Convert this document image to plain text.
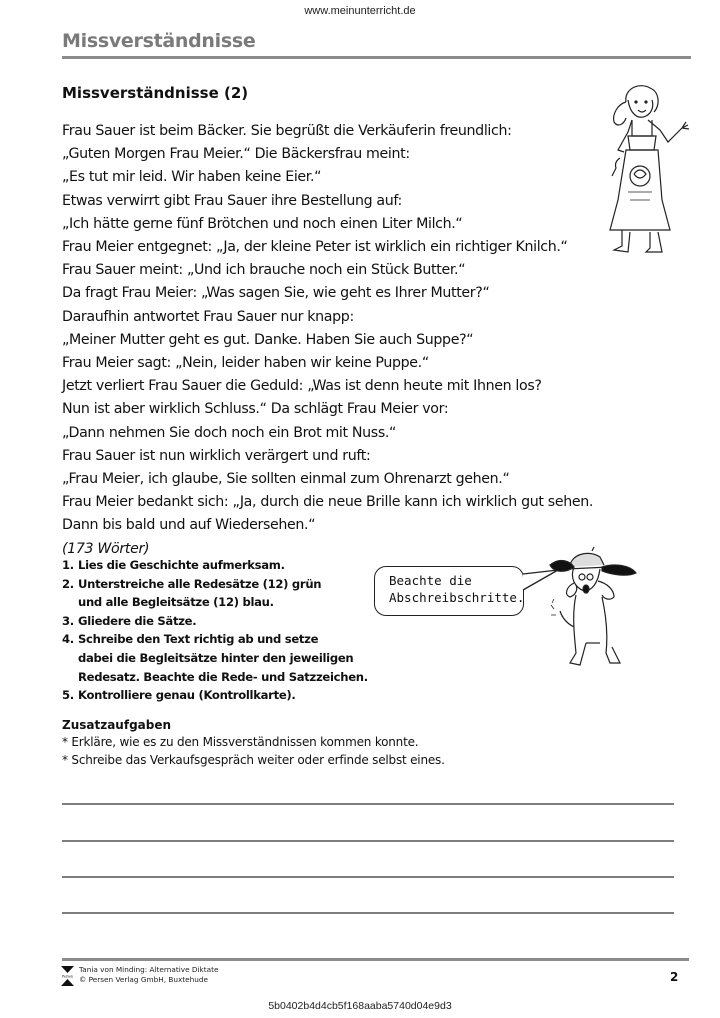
www.meinunterricht.de
Missverständnisse
Missverständnisse (2)
Frau Sauer ist beim Bäcker. Sie begrüßt die Verkäuferin freundlich:
„Guten Morgen Frau Meier.“ Die Bäckersfrau meint:
„Es tut mir leid. Wir haben keine Eier.“
Etwas verwirrt gibt Frau Sauer ihre Bestellung auf:
„Ich hätte gerne fünf Brötchen und noch einen Liter Milch.“
Frau Meier entgegnet: „Ja, der kleine Peter ist wirklich ein richtiger Knilch.“
Frau Sauer meint: „Und ich brauche noch ein Stück Butter.“
Da fragt Frau Meier: „Was sagen Sie, wie geht es Ihrer Mutter?“
Daraufhin antwortet Frau Sauer nur knapp:
„Meiner Mutter geht es gut. Danke. Haben Sie auch Suppe?“
Frau Meier sagt: „Nein, leider haben wir keine Puppe.“
Jetzt verliert Frau Sauer die Geduld: „Was ist denn heute mit Ihnen los?
Nun ist aber wirklich Schluss.“ Da schlägt Frau Meier vor:
„Dann nehmen Sie doch noch ein Brot mit Nuss.“
Frau Sauer ist nun wirklich verärgert und ruft:
„Frau Meier, ich glaube, Sie sollten einmal zum Ohrenarzt gehen.“
Frau Meier bedankt sich: „Ja, durch die neue Brille kann ich wirklich gut sehen.
Dann bis bald und auf Wiedersehen.“
(173 Wörter)
1. Lies die Geschichte aufmerksam.
2. Unterstreiche alle Redesätze (12) grün
und alle Begleitsätze (12) blau.
3. Gliedere die Sätze.
4. Schreibe den Text richtig ab und setze
dabei die Begleitsätze hinter den jeweiligen
Redesatz. Beachte die Rede- und Satzzeichen.
5. Kontrolliere genau (Kontrollkarte).
Beachte die
Abschreibschritte.
Zusatzaufgaben
* Erkläre, wie es zu den Missverständnissen kommen konnte.
* Schreibe das Verkaufsgespräch weiter oder erfinde selbst eines.
Persen
Tania von Minding: Alternative Diktate
© Persen Verlag GmbH, Buxtehude	2
5b0402b4d4cb5f168aaba5740d04e9d3
